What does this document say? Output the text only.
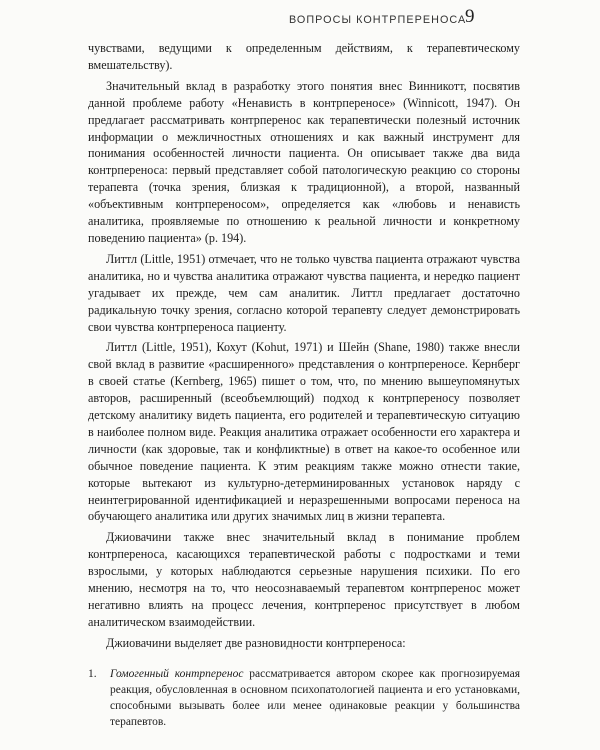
ВОПРОСЫ КОНТРПЕРЕНОСА
9

чувствами, ведущими к определенным действиям, к терапевтическому вмешательству).

Значительный вклад в разработку этого понятия внес Винникотт, посвятив данной проблеме работу «Ненависть в контрпереносе» (Winnicott, 1947). Он предлагает рассматривать контрперенос как терапевтически полезный источник информации о межличностных отношениях и как важный инструмент для понимания особенностей личности пациента. Он описывает также два вида контрпереноса: первый представляет собой патологическую реакцию со стороны терапевта (точка зрения, близкая к традиционной), а второй, названный «объективным контрпереносом», определяется как «любовь и ненависть аналитика, проявляемые по отношению к реальной личности и конкретному поведению пациента» (p. 194).

Литтл (Little, 1951) отмечает, что не только чувства пациента отражают чувства аналитика, но и чувства аналитика отражают чувства пациента, и нередко пациент угадывает их прежде, чем сам аналитик. Литтл предлагает достаточно радикальную точку зрения, согласно которой терапевту следует демонстрировать свои чувства контрпереноса пациенту.

Литтл (Little, 1951), Кохут (Kohut, 1971) и Шейн (Shane, 1980) также внесли свой вклад в развитие «расширенного» представления о контрпереносе. Кернберг в своей статье (Kernberg, 1965) пишет о том, что, по мнению вышеупомянутых авторов, расширенный (всеобъемлющий) подход к контрпереносу позволяет детскому аналитику видеть пациента, его родителей и терапевтическую ситуацию в наиболее полном виде. Реакция аналитика отражает особенности его характера и личности (как здоровые, так и конфликтные) в ответ на какое-то особенное или обычное поведение пациента. К этим реакциям также можно отнести такие, которые вытекают из культурно-детерминированных установок наряду с неинтегрированной идентификацией и неразрешенными вопросами переноса на обучающего аналитика или других значимых лиц в жизни терапевта.

Джиовачини также внес значительный вклад в понимание проблем контрпереноса, касающихся терапевтической работы с подростками и теми взрослыми, у которых наблюдаются серьезные нарушения психики. По его мнению, несмотря на то, что неосознаваемый терапевтом контрперенос может негативно влиять на процесс лечения, контрперенос присутствует в любом аналитическом взаимодействии.

Джиовачини выделяет две разновидности контрпереноса:

1. Гомогенный контрперенос рассматривается автором скорее как прогнозируемая реакция, обусловленная в основном психопатологией пациента и его установками, способными вызывать более или менее одинаковые реакции у большинства терапевтов.
